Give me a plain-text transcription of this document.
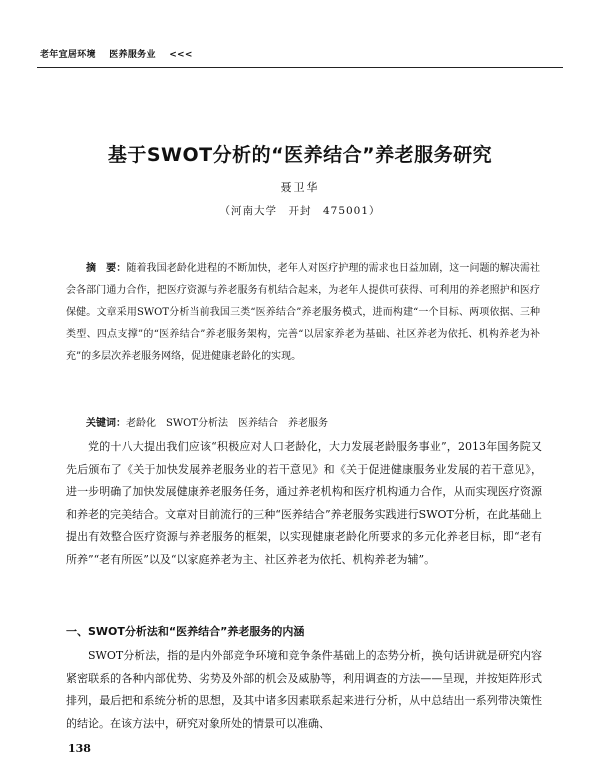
老年宜居环境 医养服务业 <<<
基于SWOT分析的“医养结合”养老服务研究
聂卫华
（河南大学　开封　475001）

摘　要：随着我国老龄化进程的不断加快，老年人对医疗护理的需求也日益加剧，这一问题的解决需社会各部门通力合作，把医疗资源与养老服务有机结合起来，为老年人提供可获得、可利用的养老照护和医疗保健。文章采用SWOT分析当前我国三类“医养结合”养老服务模式，进而构建“一个目标、两项依据、三种类型、四点支撑”的“医养结合”养老服务架构，完善“以居家养老为基础、社区养老为依托、机构养老为补充”的多层次养老服务网络，促进健康老龄化的实现。

关键词：老龄化　SWOT分析法　医养结合　养老服务

党的十八大提出我们应该“积极应对人口老龄化，大力发展老龄服务事业”，2013年国务院又先后颁布了《关于加快发展养老服务业的若干意见》和《关于促进健康服务业发展的若干意见》，进一步明确了加快发展健康养老服务任务，通过养老机构和医疗机构通力合作，从而实现医疗资源和养老的完美结合。文章对目前流行的三种“医养结合”养老服务实践进行SWOT分析，在此基础上提出有效整合医疗资源与养老服务的框架，以实现健康老龄化所要求的多元化养老目标，即“老有所养”“老有所医”以及“以家庭养老为主、社区养老为依托、机构养老为辅”。

一、SWOT分析法和“医养结合”养老服务的内涵

SWOT分析法，指的是内外部竞争环境和竞争条件基础上的态势分析，换句话讲就是研究内容紧密联系的各种内部优势、劣势及外部的机会及威胁等，利用调查的方法——呈现，并按矩阵形式排列，最后把和系统分析的思想，及其中诸多因素联系起来进行分析，从中总结出一系列带决策性的结论。在该方法中，研究对象所处的情景可以准确、

138
